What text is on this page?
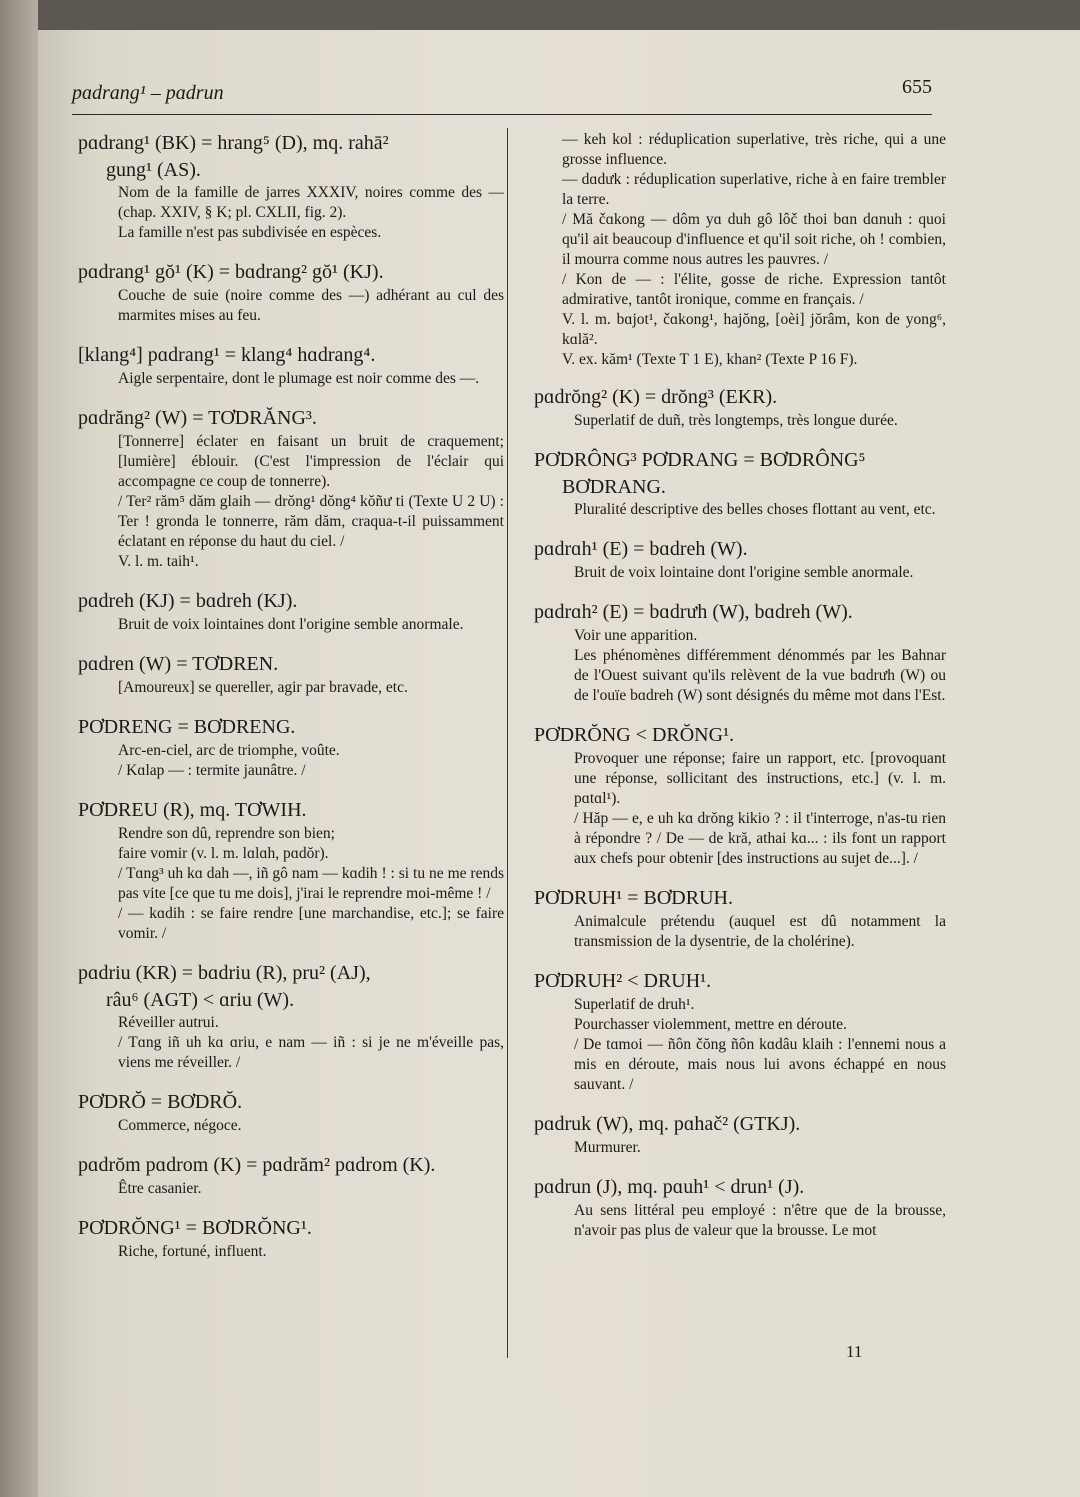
pɑdrang¹ – pɑdrun	655
pɑdrang¹ (BK) = hrang⁵ (D), mq. rahā²
gung¹ (AS).
Nom de la famille de jarres XXXIV, noires comme des — (chap. XXIV, § K; pl. CXLII, fig. 2).
La famille n'est pas subdivisée en espèces.
pɑdrang¹ gŏ¹ (K) = bɑdrang² gŏ¹ (KJ).
Couche de suie (noire comme des —) adhérant au cul des marmites mises au feu.
[klang⁴] pɑdrang¹ = klang⁴ hɑdrang⁴.
Aigle serpentaire, dont le plumage est noir comme des —.
pɑdrăng² (W) = TƠDRĂNG³.
[Tonnerre] éclater en faisant un bruit de craquement; [lumière] éblouir. (C'est l'impression de l'éclair qui accompagne ce coup de tonnerre).
/ Ter² răm⁵ dăm glaih — drŏng¹ dŏng⁴ kŏñư ti (Texte U 2 U) : Ter ! gronda le tonnerre, răm dăm, craqua-t-il puissamment éclatant en réponse du haut du ciel. /
V. l. m. taih¹.
pɑdreh (KJ) = bɑdreh (KJ).
Bruit de voix lointaines dont l'origine semble anormale.
pɑdren (W) = TƠDREN.
[Amoureux] se quereller, agir par bravade, etc.
PƠDRENG = BƠDRENG.
Arc-en-ciel, arc de triomphe, voûte.
/ Kɑlap — : termite jaunâtre. /
PƠDREU (R), mq. TƠWIH.
Rendre son dû, reprendre son bien;
faire vomir (v. l. m. lɑlɑh, pɑdŏr).
/ Tɑng³ uh kɑ dah —, iñ gô nam — kɑdih ! : si tu ne me rends pas vite [ce que tu me dois], j'irai le reprendre moi-même ! /
/ — kɑdih : se faire rendre [une marchandise, etc.]; se faire vomir. /
pɑdriu (KR) = bɑdriu (R), pru² (AJ),
râu⁶ (AGT) < ɑriu (W).
Réveiller autrui.
/ Tɑng iñ uh kɑ ɑriu, e nam — iñ : si je ne m'éveille pas, viens me réveiller. /
PƠDRŎ = BƠDRŎ.
Commerce, négoce.
pɑdrŏm pɑdrom (K) = pɑdrăm² pɑdrom (K).
Être casanier.
PƠDRŎNG¹ = BƠDRŎNG¹.
Riche, fortuné, influent.
— keh kol : réduplication superlative, très riche, qui a une grosse influence.
— dɑdưk : réduplication superlative, riche à en faire trembler la terre.
/ Mă čɑkong — dôm yɑ duh gô lôč thoi bɑn dɑnuh : quoi qu'il ait beaucoup d'influence et qu'il soit riche, oh ! combien, il mourra comme nous autres les pauvres. /
/ Kon de — : l'élite, gosse de riche. Expression tantôt admirative, tantôt ironique, comme en français. /
V. l. m. bɑjot¹, čɑkong¹, hajŏng, [oèi] jŏrâm, kon de yong⁶, kɑlă².
V. ex. kăm¹ (Texte T 1 E), khan² (Texte P 16 F).
pɑdrŏng² (K) = drŏng³ (EKR).
Superlatif de duñ, très longtemps, très longue durée.
PƠDRÔNG³ PƠDRANG = BƠDRÔNG⁵
BƠDRANG.
Pluralité descriptive des belles choses flottant au vent, etc.
pɑdrɑh¹ (E) = bɑdreh (W).
Bruit de voix lointaine dont l'origine semble anormale.
pɑdrɑh² (E) = bɑdrưh (W), bɑdreh (W).
Voir une apparition.
Les phénomènes différemment dénommés par les Bahnar de l'Ouest suivant qu'ils relèvent de la vue bɑdrưh (W) ou de l'ouïe bɑdreh (W) sont désignés du même mot dans l'Est.
PƠDRŎNG < DRŎNG¹.
Provoquer une réponse; faire un rapport, etc. [provoquant une réponse, sollicitant des instructions, etc.] (v. l. m. pɑtɑl¹).
/ Hăp — e, e uh kɑ drŏng kikio ? : il t'interroge, n'as-tu rien à répondre ? / De — de kră, athai kɑ... : ils font un rapport aux chefs pour obtenir [des instructions au sujet de...]. /
PƠDRUH¹ = BƠDRUH.
Animalcule prétendu (auquel est dû notamment la transmission de la dysentrie, de la cholérine).
PƠDRUH² < DRUH¹.
Superlatif de druh¹.
Pourchasser violemment, mettre en déroute.
/ De tɑmoi — ñôn čŏng ñôn kɑdâu klaih : l'ennemi nous a mis en déroute, mais nous lui avons échappé en nous sauvant. /
pɑdruk (W), mq. pɑhač² (GTKJ).
Murmurer.
pɑdrun (J), mq. pɑuh¹ < drun¹ (J).
Au sens littéral peu employé : n'être que de la brousse, n'avoir pas plus de valeur que la brousse. Le mot
11
